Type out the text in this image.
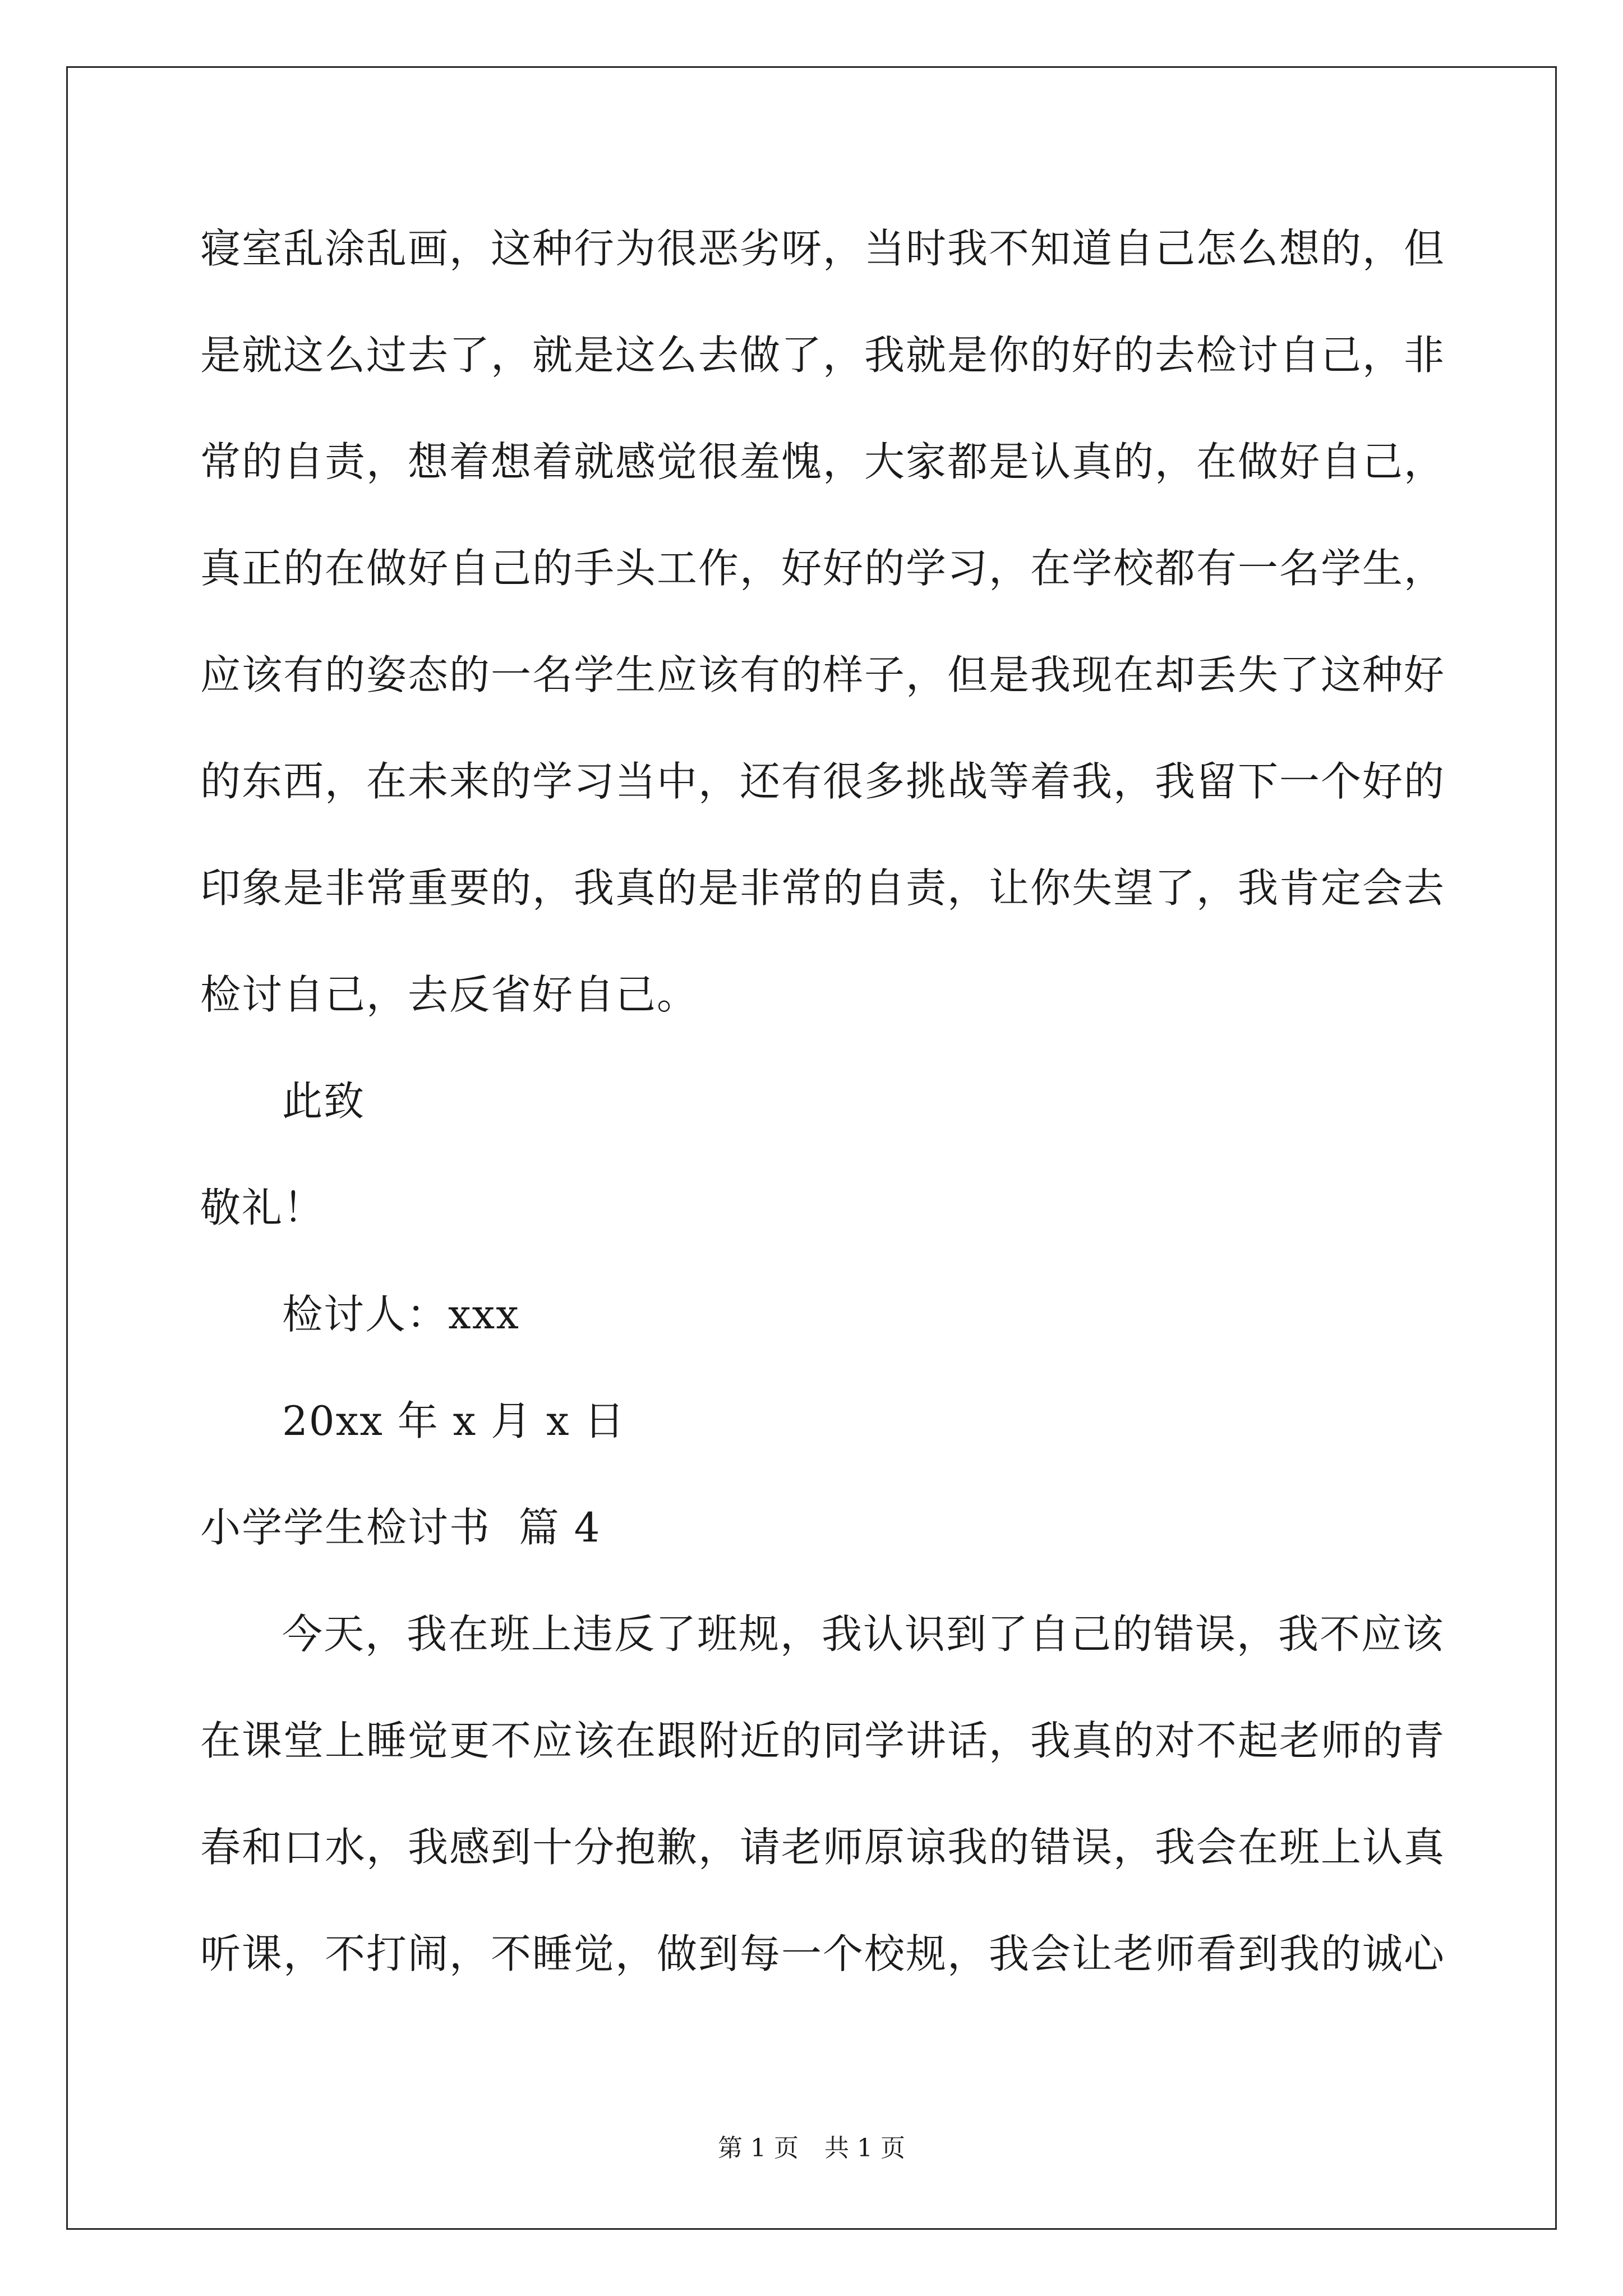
寝室乱涂乱画，这种行为很恶劣呀，当时我不知道自己怎么想的，但
是就这么过去了，就是这么去做了，我就是你的好的去检讨自己，非
常的自责，想着想着就感觉很羞愧，大家都是认真的，在做好自己，
真正的在做好自己的手头工作，好好的学习，在学校都有一名学生，
应该有的姿态的一名学生应该有的样子，但是我现在却丢失了这种好
的东西，在未来的学习当中，还有很多挑战等着我，我留下一个好的
印象是非常重要的，我真的是非常的自责，让你失望了，我肯定会去
检讨自己，去反省好自己。
此致
敬礼！
检讨人：xxx
20xx 年 x 月 x 日
小学学生检讨书  篇 4
今天，我在班上违反了班规，我认识到了自己的错误，我不应该
在课堂上睡觉更不应该在跟附近的同学讲话，我真的对不起老师的青
春和口水，我感到十分抱歉，请老师原谅我的错误，我会在班上认真
听课，不打闹，不睡觉，做到每一个校规，我会让老师看到我的诚心
第 1 页 共 1 页
